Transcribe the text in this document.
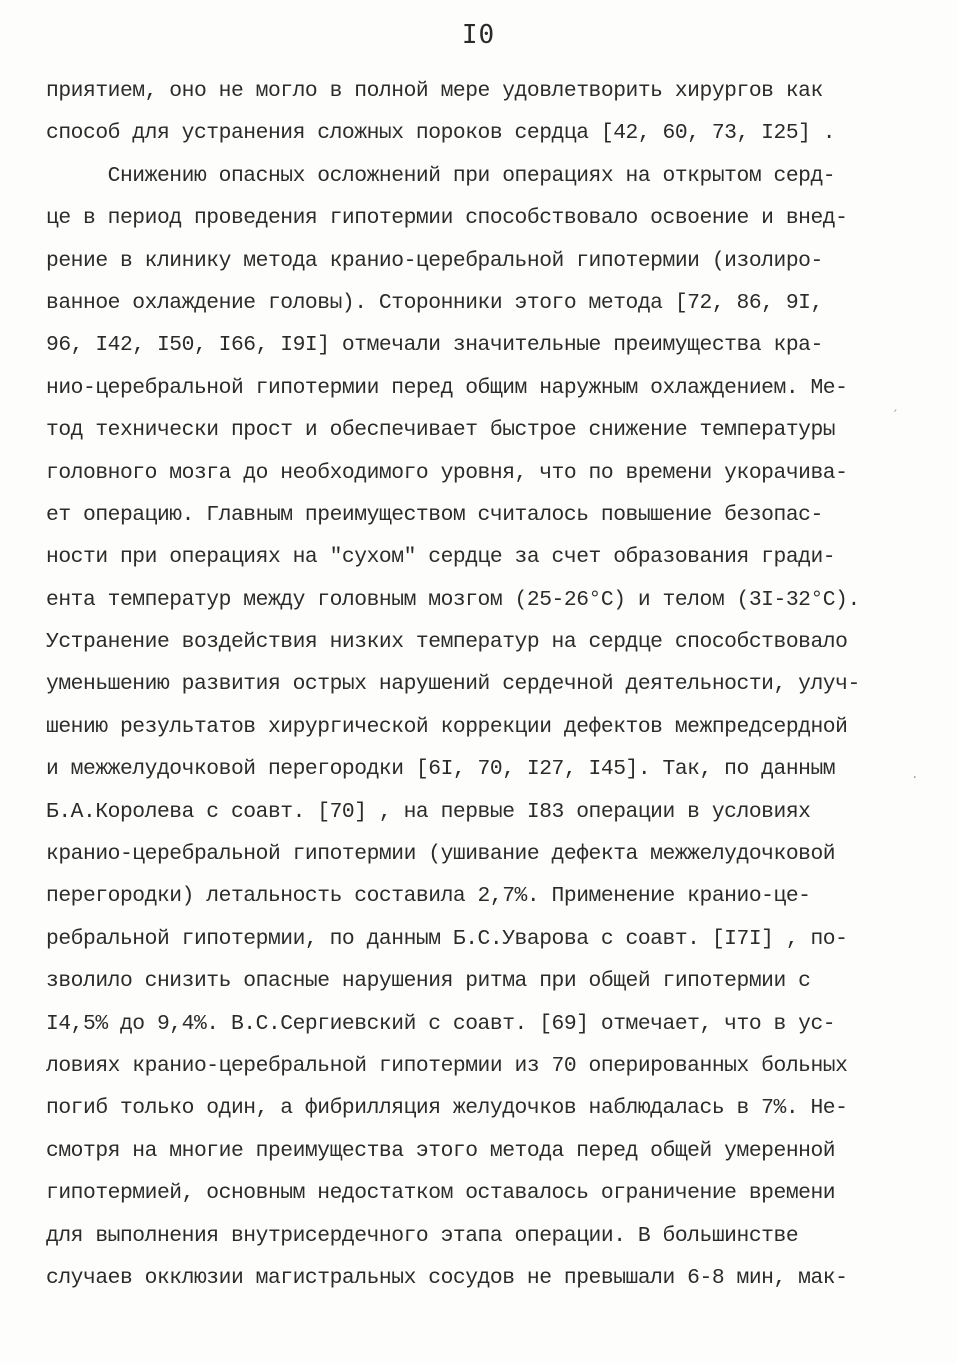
I0
приятием, оно не могло в полной мере удовлетворить хирургов как
способ для устранения сложных пороков сердца [42, 60, 73, I25] .
Снижению опасных осложнений при операциях на открытом серд-
це в период проведения гипотермии способствовало освоение и внед-
рение в клинику метода кранио-церебральной гипотермии (изолиро-
ванное охлаждение головы). Сторонники этого метода [72, 86, 9I,
96, I42, I50, I66, I9I] отмечали значительные преимущества кра-
нио-церебральной гипотермии перед общим наружным охлаждением. Ме-
тод технически прост и обеспечивает быстрое снижение температуры
головного мозга до необходимого уровня, что по времени укорачива-
ет операцию. Главным преимуществом считалось повышение безопас-
ности при операциях на "сухом" сердце за счет образования гради-
ента температур между головным мозгом (25-26°С) и телом (3I-32°С).
Устранение воздействия низких температур на сердце способствовало
уменьшению развития острых нарушений сердечной деятельности, улуч-
шению результатов хирургической коррекции дефектов межпредсердной
и межжелудочковой перегородки [6I, 70, I27, I45]. Так, по данным
Б.А.Королева с соавт. [70] , на первые I83 операции в условиях
кранио-церебральной гипотермии (ушивание дефекта межжелудочковой
перегородки) летальность составила 2,7%. Применение кранио-це-
ребральной гипотермии, по данным Б.С.Уварова с соавт. [I7I] , по-
зволило снизить опасные нарушения ритма при общей гипотермии с
I4,5% до 9,4%. В.С.Сергиевский с соавт. [69] отмечает, что в ус-
ловиях кранио-церебральной гипотермии из 70 оперированных больных
погиб только один, а фибрилляция желудочков наблюдалась в 7%. Не-
смотря на многие преимущества этого метода перед общей умеренной
гипотермией, основным недостатком оставалось ограничение времени
для выполнения внутрисердечного этапа операции. В большинстве
случаев окклюзии магистральных сосудов не превышали 6-8 мин, мак-
′
·
